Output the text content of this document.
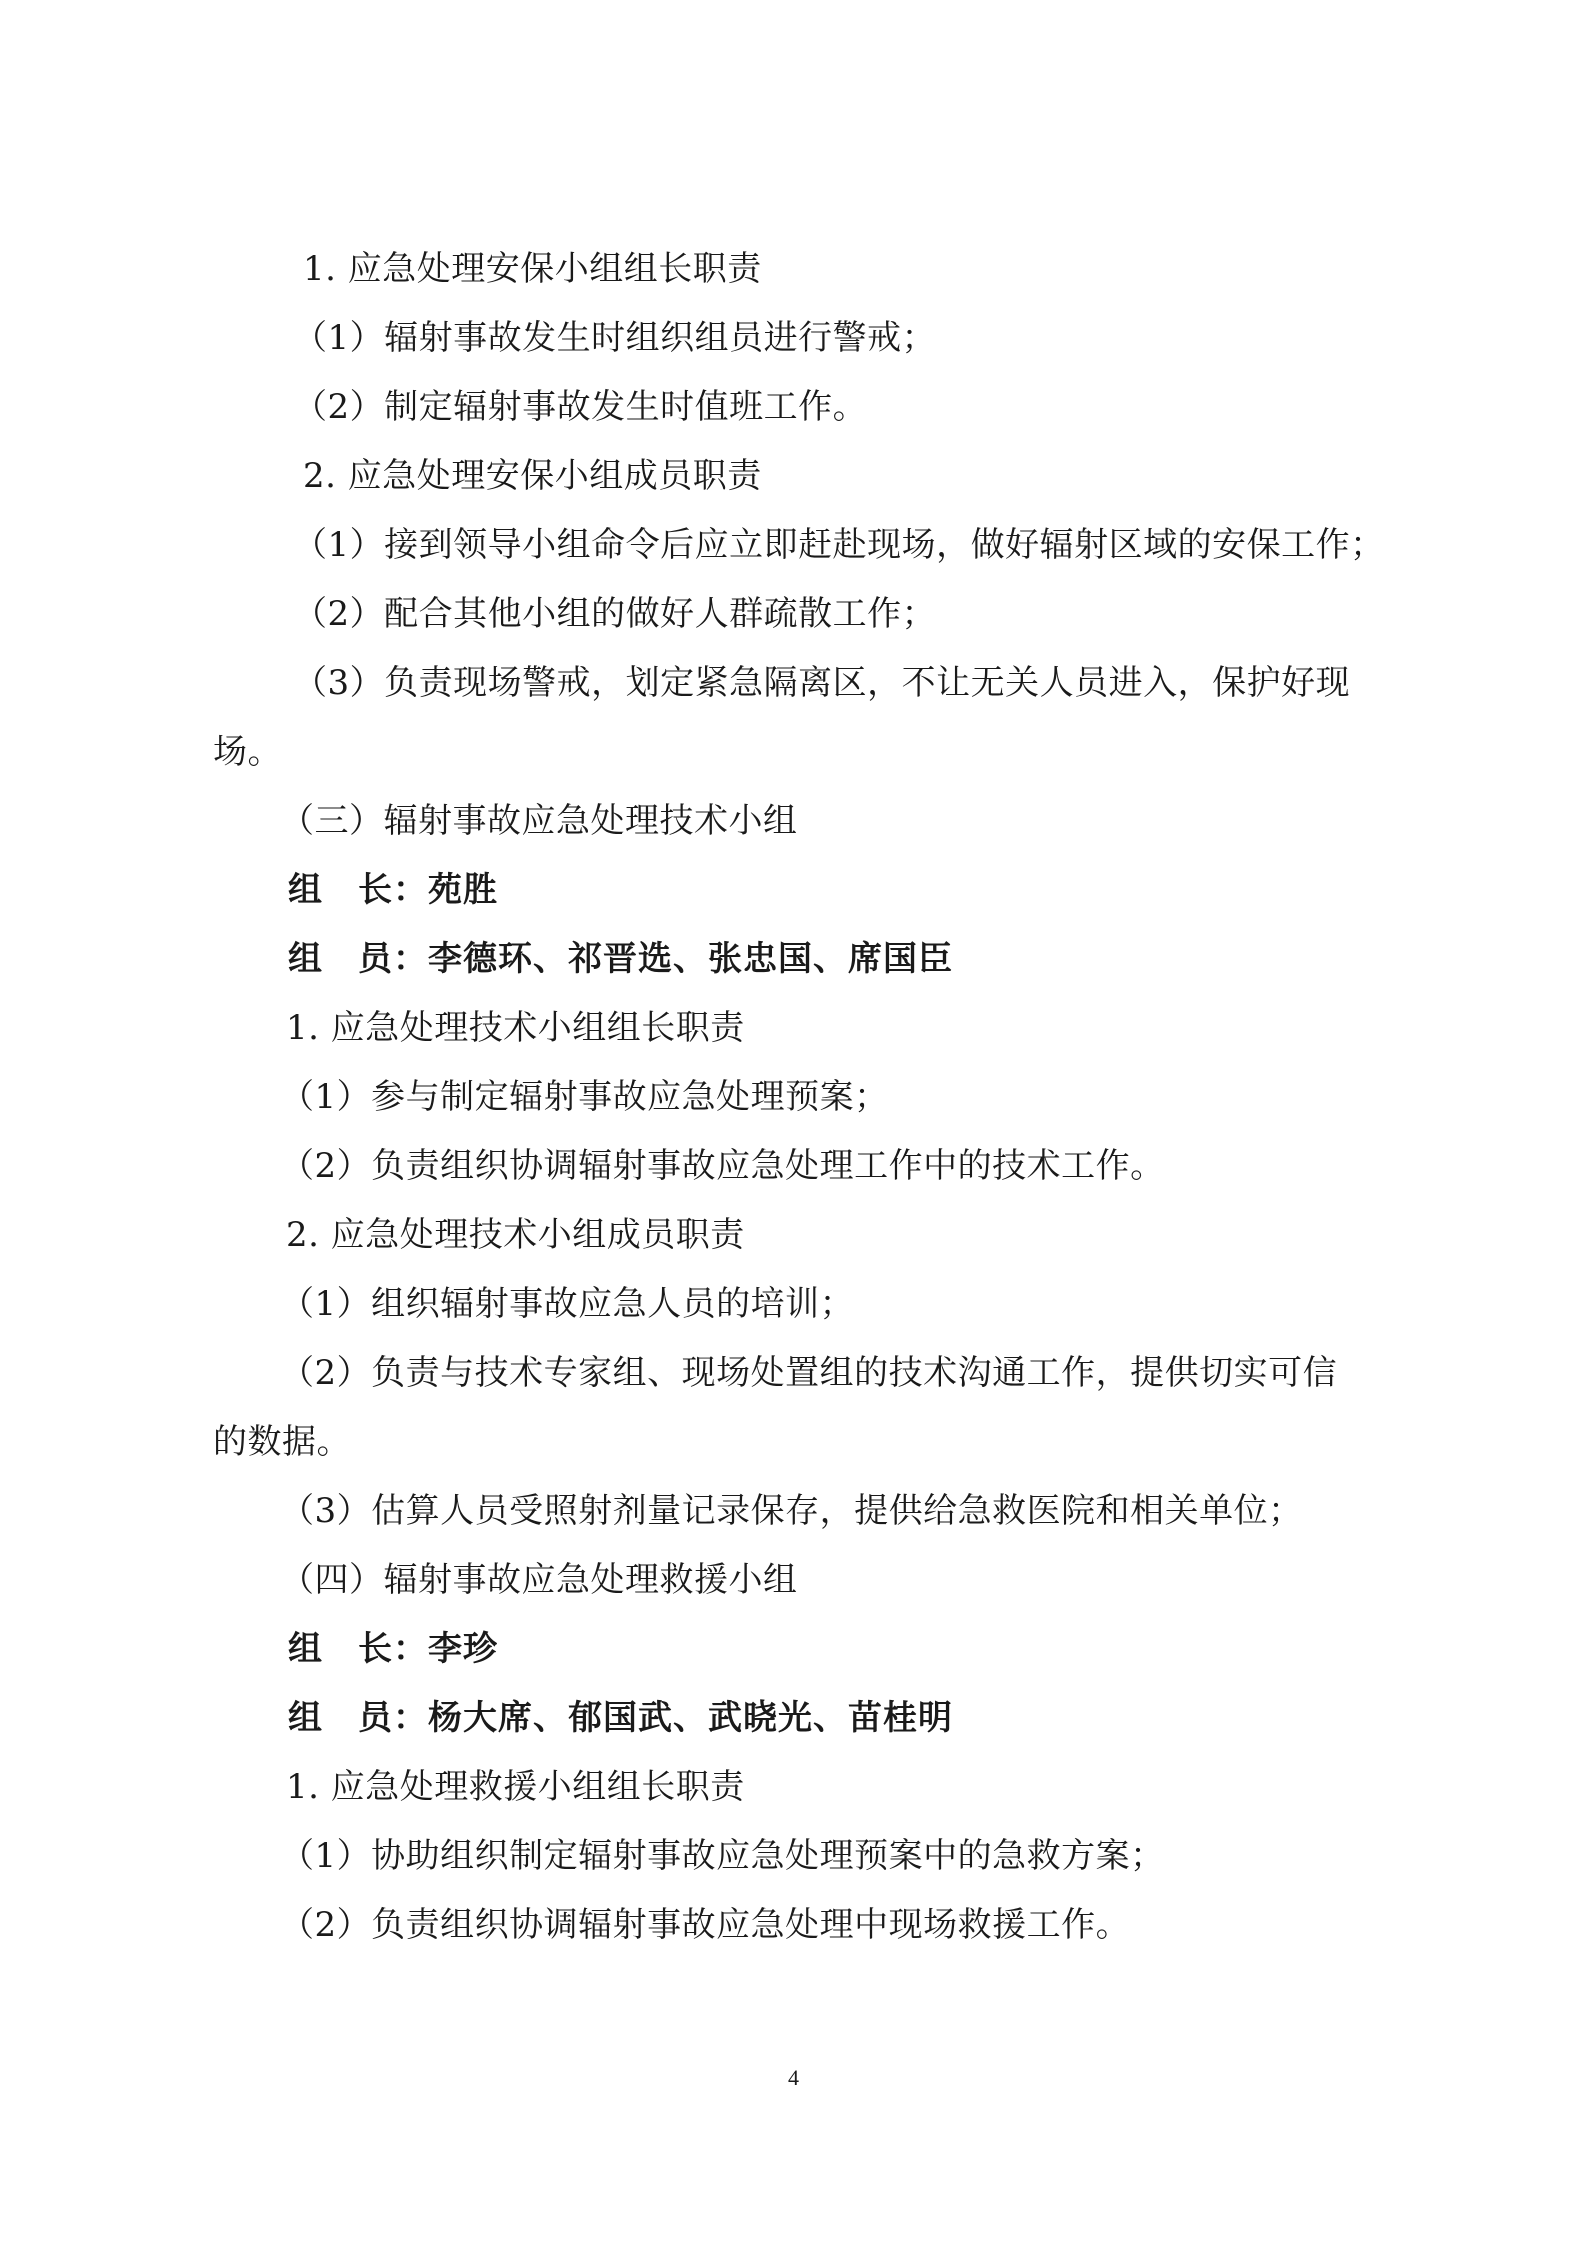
1. 应急处理安保小组组长职责
（1）辐射事故发生时组织组员进行警戒；
（2）制定辐射事故发生时值班工作。
2. 应急处理安保小组成员职责
（1）接到领导小组命令后应立即赶赴现场，做好辐射区域的安保工作；
（2）配合其他小组的做好人群疏散工作；
（3）负责现场警戒，划定紧急隔离区，不让无关人员进入，保护好现
场。
（三）辐射事故应急处理技术小组
组　长：苑胜
组　员：李德环、祁晋选、张忠国、席国臣
1. 应急处理技术小组组长职责
（1）参与制定辐射事故应急处理预案；
（2）负责组织协调辐射事故应急处理工作中的技术工作。
2. 应急处理技术小组成员职责
（1）组织辐射事故应急人员的培训；
（2）负责与技术专家组、现场处置组的技术沟通工作，提供切实可信
的数据。
（3）估算人员受照射剂量记录保存，提供给急救医院和相关单位；
（四）辐射事故应急处理救援小组
组　长：李珍
组　员：杨大席、郁国武、武晓光、苗桂明
1. 应急处理救援小组组长职责
（1）协助组织制定辐射事故应急处理预案中的急救方案；
（2）负责组织协调辐射事故应急处理中现场救援工作。
4
